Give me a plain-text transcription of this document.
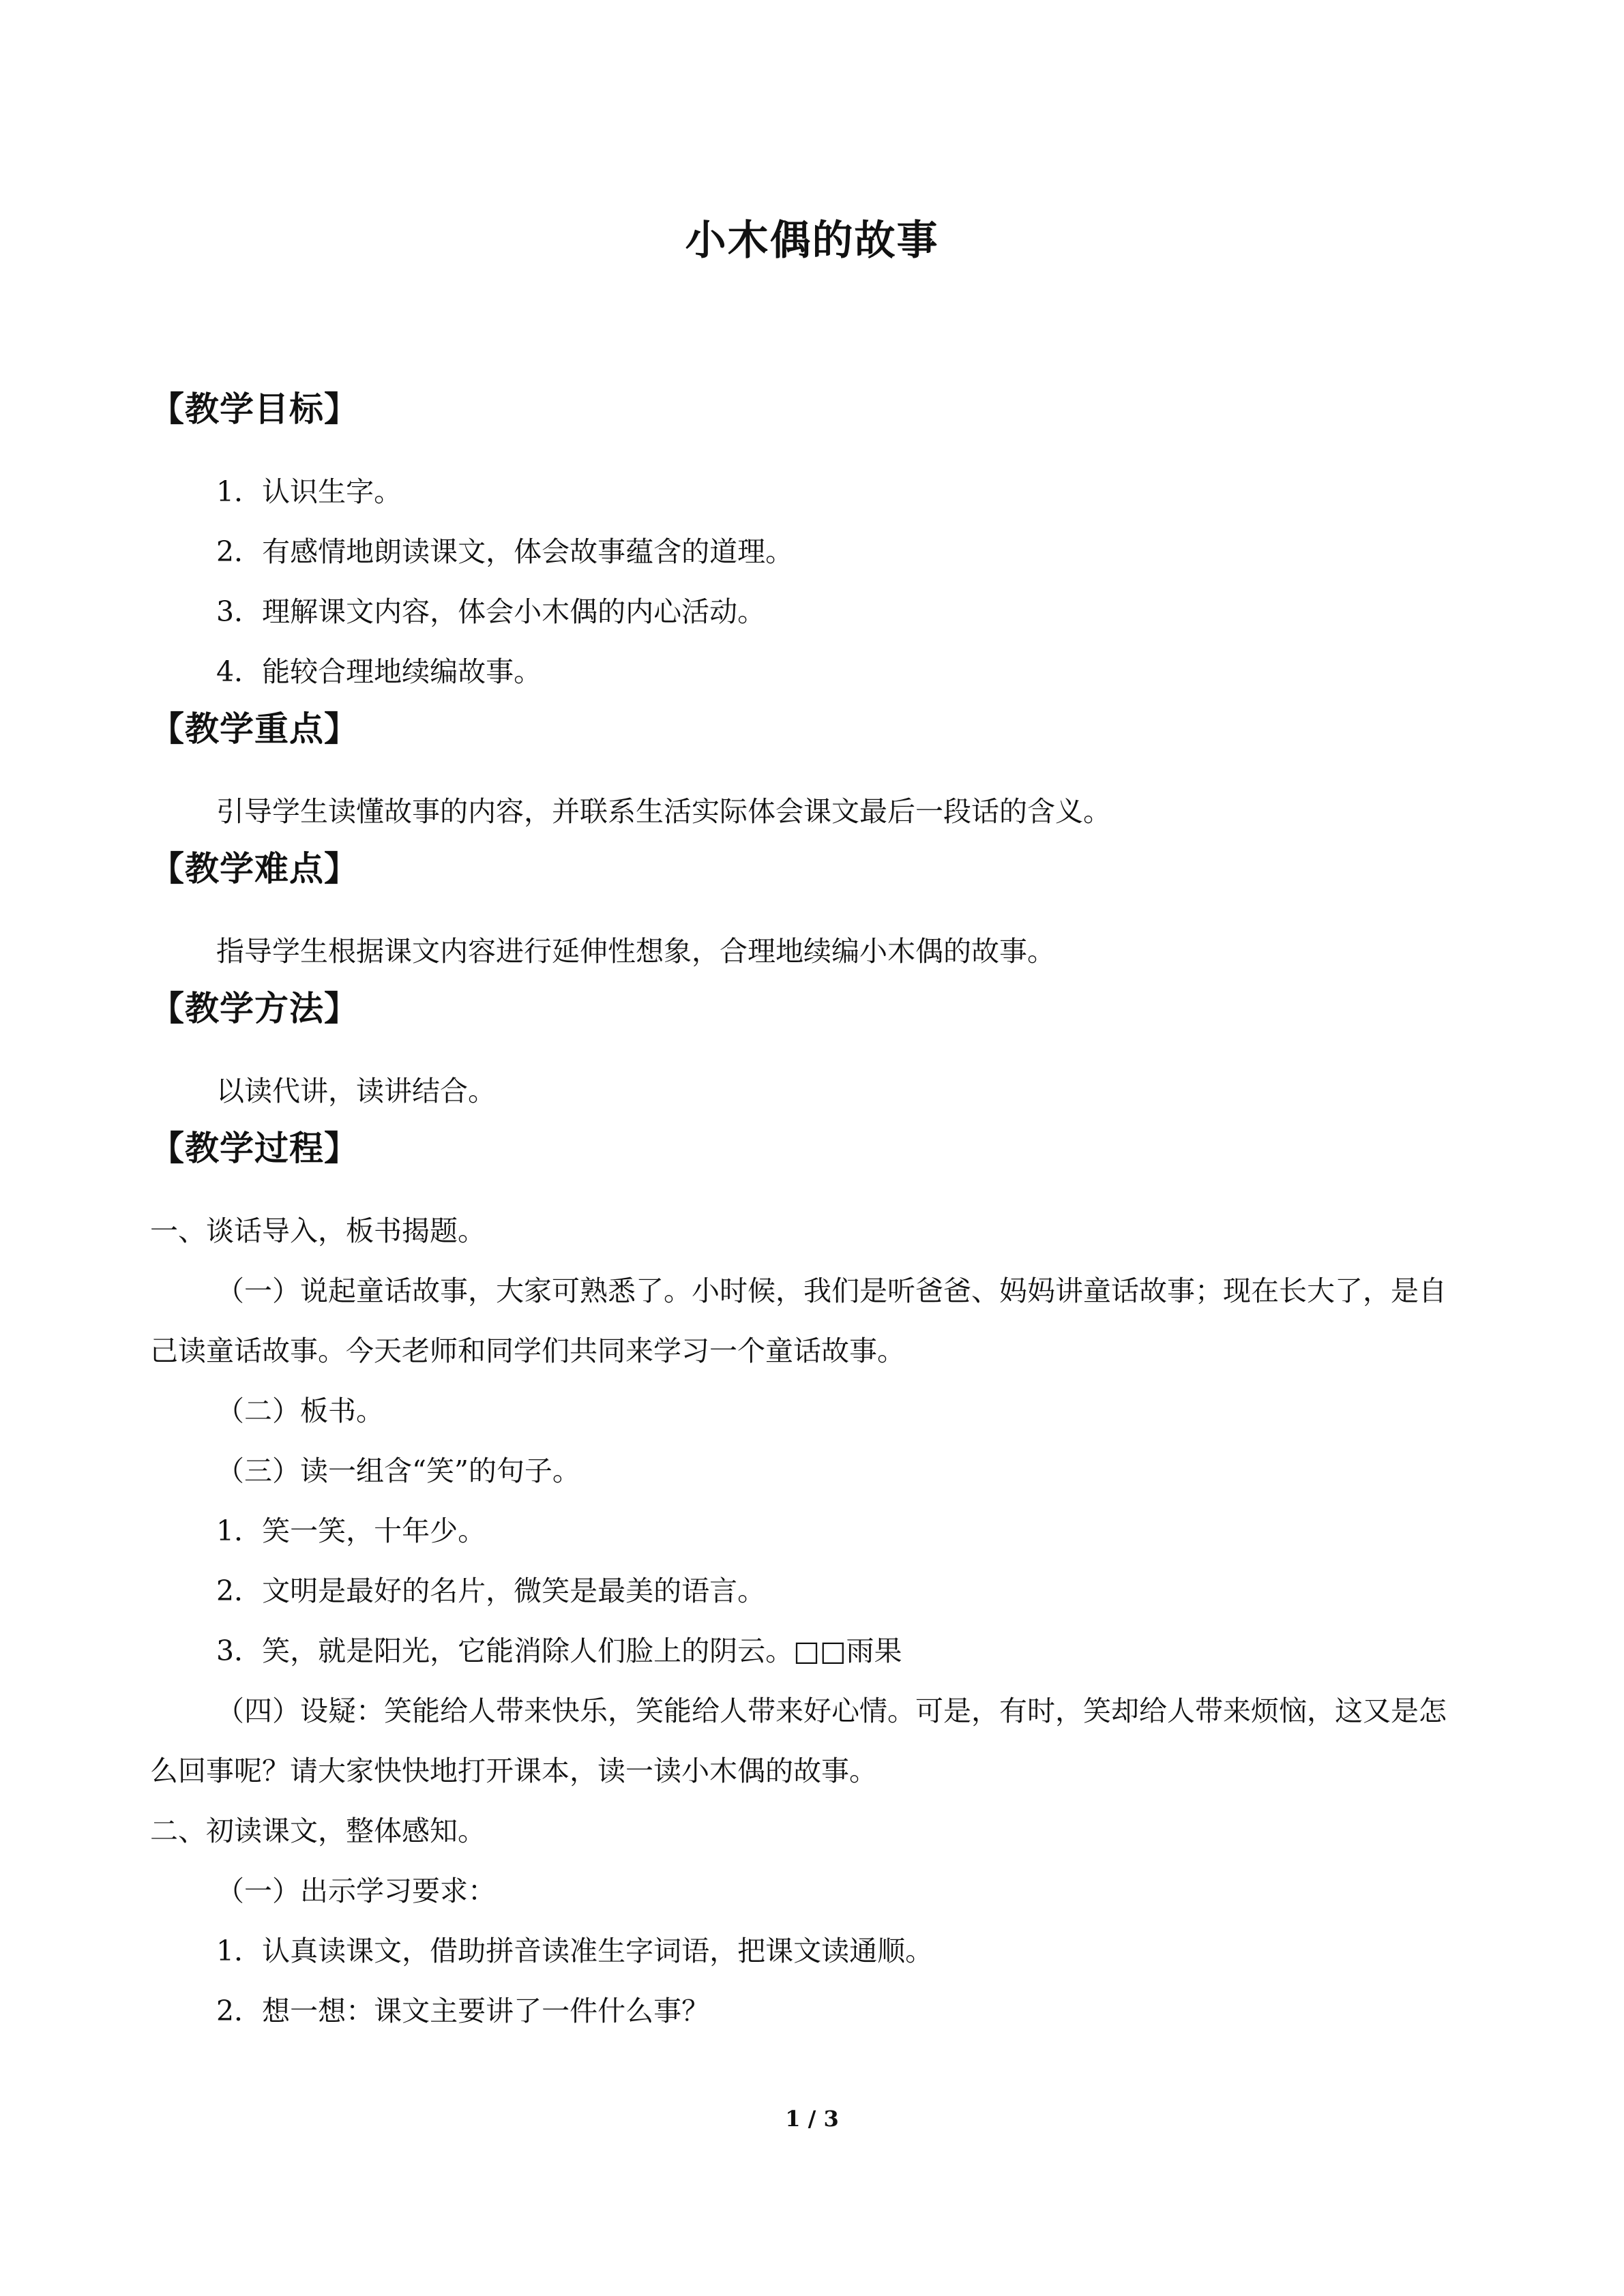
小木偶的故事
【教学目标】
1．认识生字。
2．有感情地朗读课文，体会故事蕴含的道理。
3．理解课文内容，体会小木偶的内心活动。
4．能较合理地续编故事。
【教学重点】
引导学生读懂故事的内容，并联系生活实际体会课文最后一段话的含义。
【教学难点】
指导学生根据课文内容进行延伸性想象，合理地续编小木偶的故事。
【教学方法】
以读代讲，读讲结合。
【教学过程】
一、谈话导入，板书揭题。
（一）说起童话故事，大家可熟悉了。小时候，我们是听爸爸、妈妈讲童话故事；现在长大了，是自己读童话故事。今天老师和同学们共同来学习一个童话故事。
（二）板书。
（三）读一组含“笑”的句子。
1．笑一笑，十年少。
2．文明是最好的名片，微笑是最美的语言。
3．笑，就是阳光，它能消除人们脸上的阴云。□□雨果
（四）设疑：笑能给人带来快乐，笑能给人带来好心情。可是，有时，笑却给人带来烦恼，这又是怎么回事呢？请大家快快地打开课本，读一读小木偶的故事。
二、初读课文，整体感知。
（一）出示学习要求：
1．认真读课文，借助拼音读准生字词语，把课文读通顺。
2．想一想：课文主要讲了一件什么事？
1 / 3
